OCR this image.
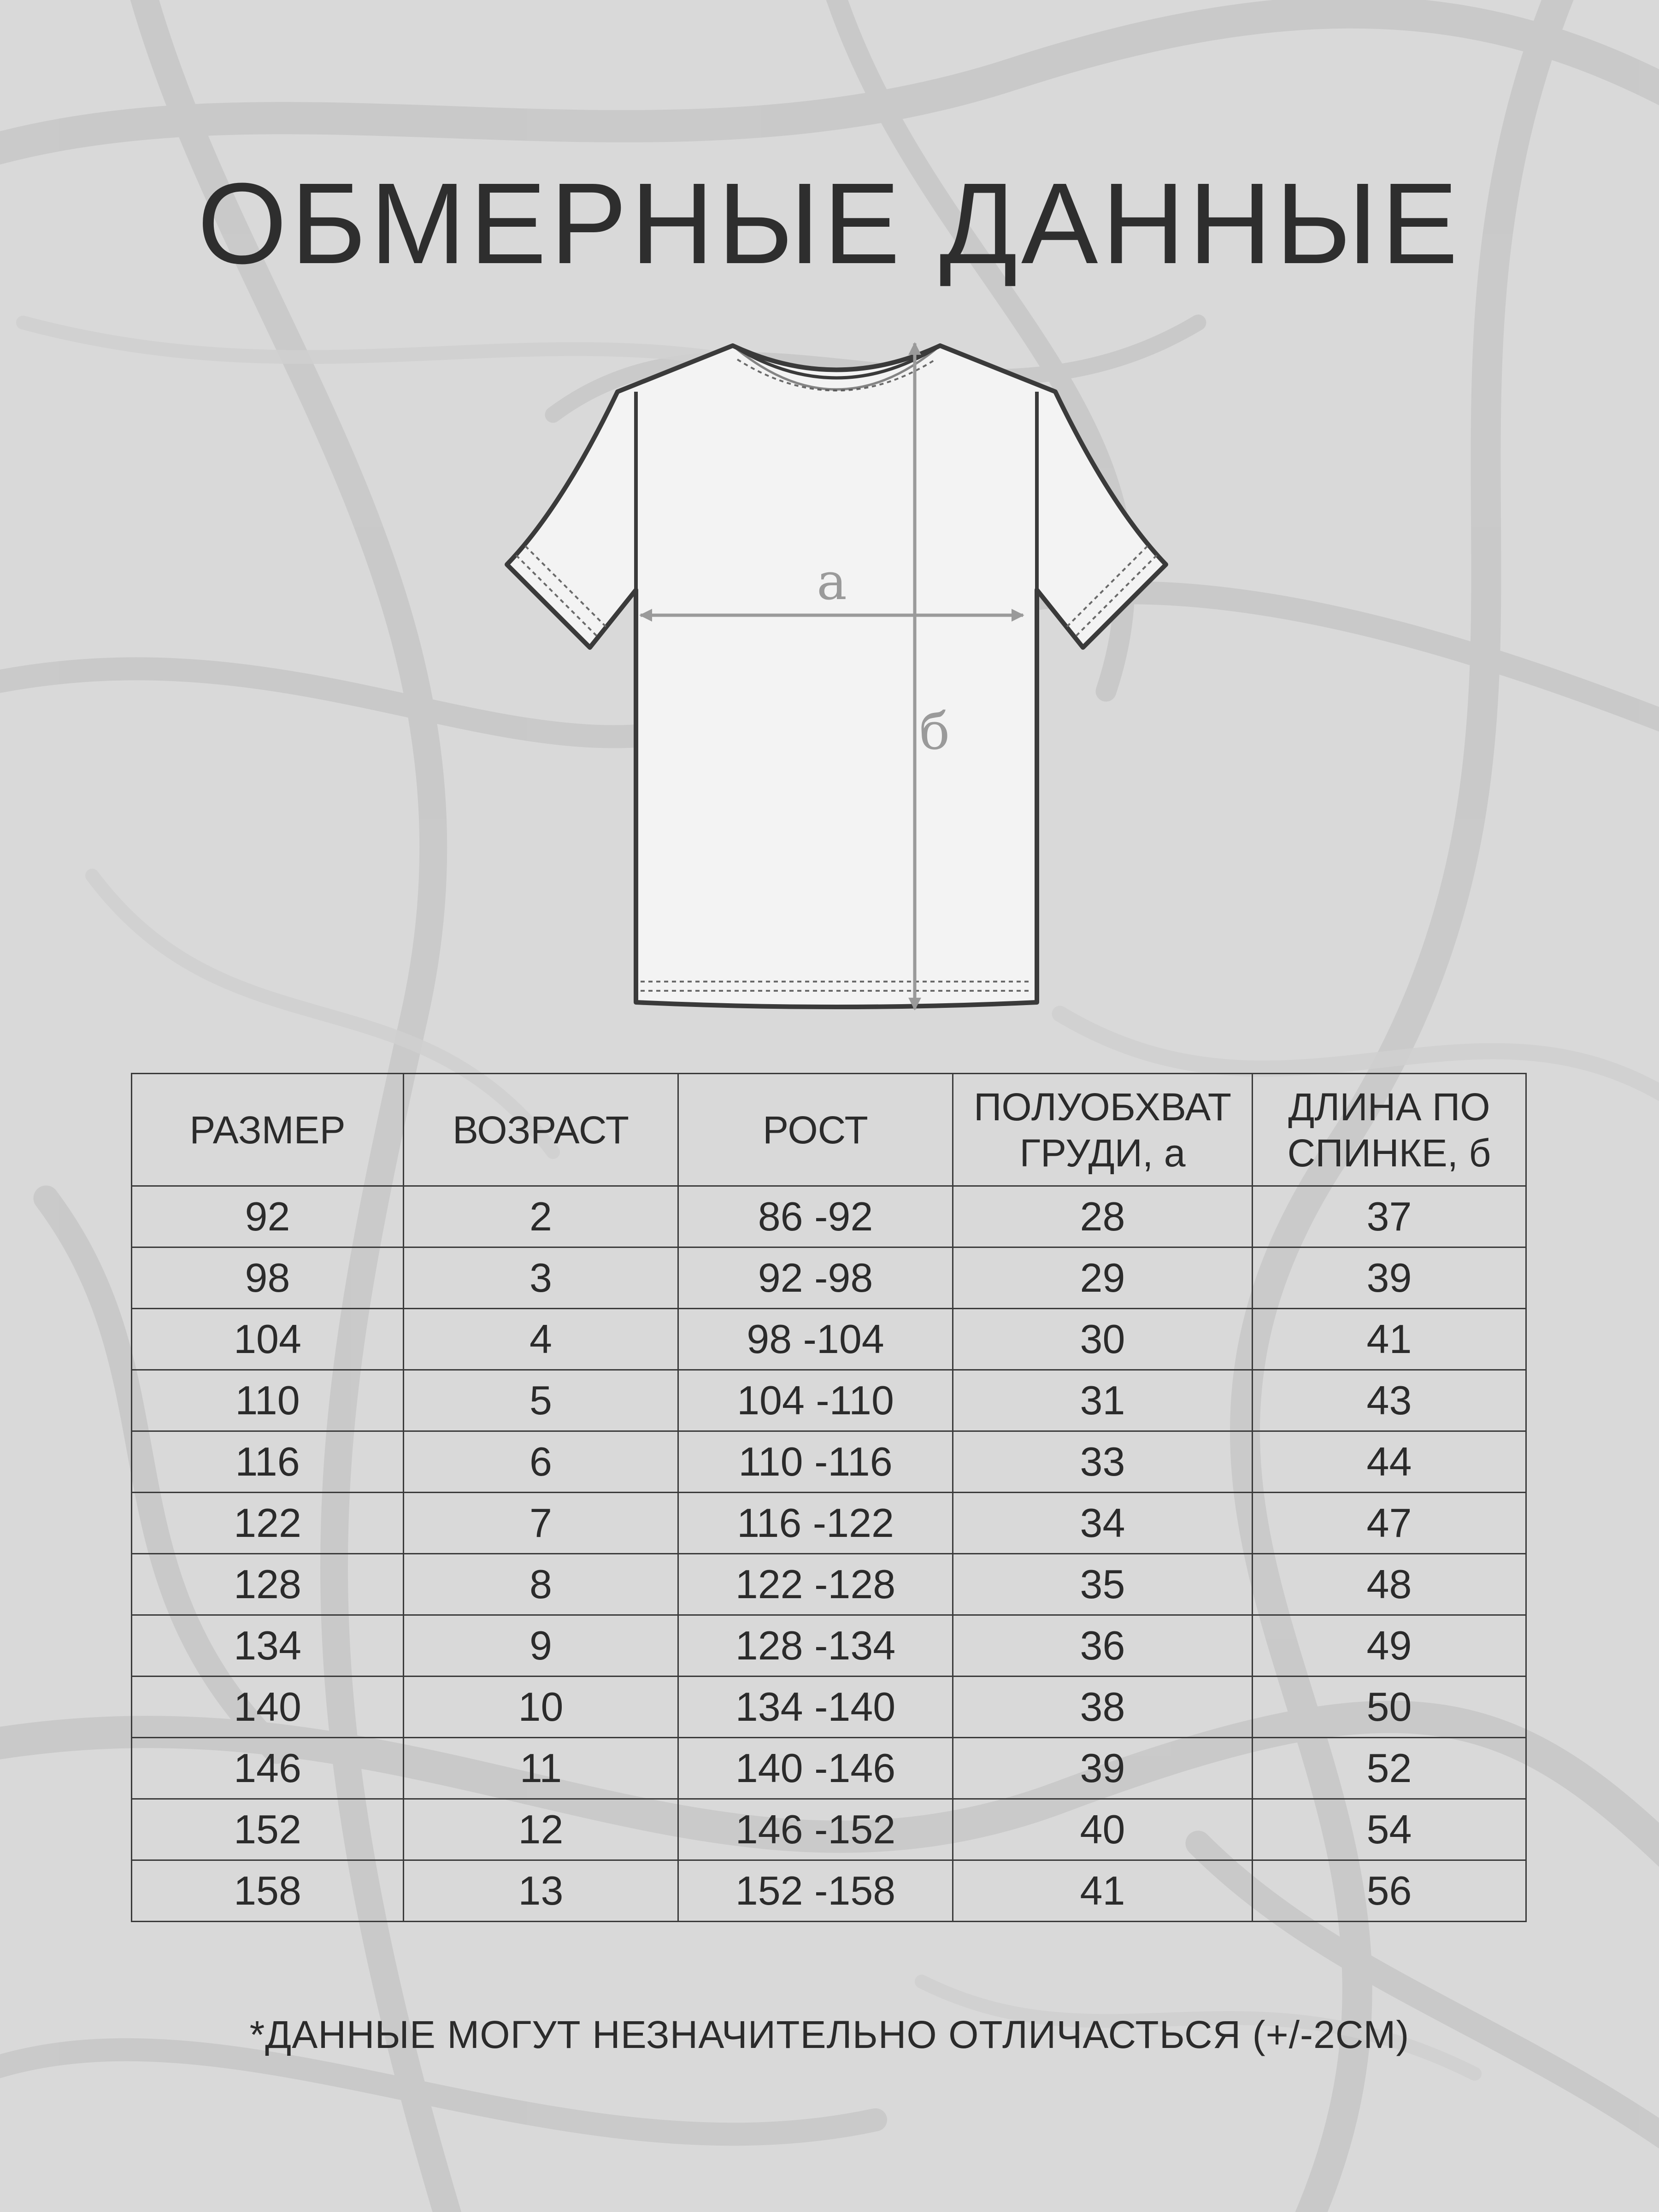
ОБМЕРНЫЕ ДАННЫЕ
а
б
РАЗМЕР	ВОЗРАСТ	РОСТ	ПОЛУОБХВАТ ГРУДИ, а	ДЛИНА ПО СПИНКЕ, б
92	2	86 -92	28	37
98	3	92 -98	29	39
104	4	98 -104	30	41
110	5	104 -110	31	43
116	6	110 -116	33	44
122	7	116 -122	34	47
128	8	122 -128	35	48
134	9	128 -134	36	49
140	10	134 -140	38	50
146	11	140 -146	39	52
152	12	146 -152	40	54
158	13	152 -158	41	56
*ДАННЫЕ МОГУТ НЕЗНАЧИТЕЛЬНО ОТЛИЧАСТЬСЯ (+/-2СМ)
